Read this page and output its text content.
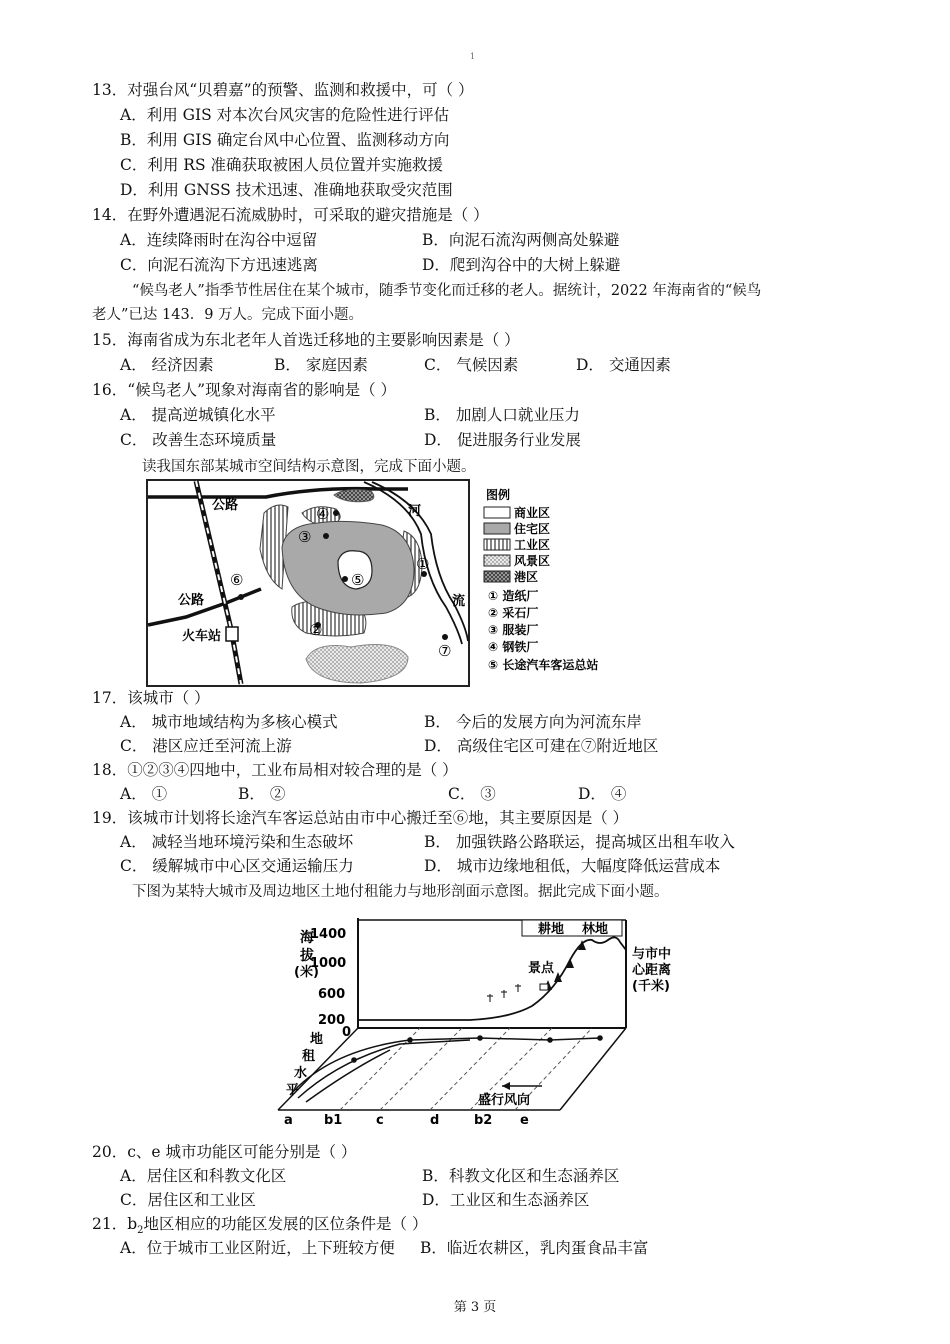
1
13．对强台风“贝碧嘉”的预警、监测和救援中，可（ ）
A．利用 GIS 对本次台风灾害的危险性进行评估
B．利用 GIS 确定台风中心位置、监测移动方向
C．利用 RS 准确获取被困人员位置并实施救援
D．利用 GNSS 技术迅速、准确地获取受灾范围
14．在野外遭遇泥石流威胁时，可采取的避灾措施是（ ）
A．连续降雨时在沟谷中逗留	B．向泥石流沟两侧高处躲避
C．向泥石流沟下方迅速逃离	D．爬到沟谷中的大树上躲避
“候鸟老人”指季节性居住在某个城市，随季节变化而迁移的老人。据统计，2022 年海南省的“候鸟
老人”已达 143．9 万人。完成下面小题。
15．海南省成为东北老年人首选迁移地的主要影响因素是（ ）
A． 经济因素	B． 家庭因素	C． 气候因素	D． 交通因素
16．“候鸟老人”现象对海南省的影响是（ ）
A． 提高逆城镇化水平	B． 加剧人口就业压力
C． 改善生态环境质量	D． 促进服务行业发展
读我国东部某城市空间结构示意图，完成下面小题。
①
②
③
④
⑤
⑥
⑦
公路
公路
火车站
河
流
图例
商业区
住宅区
工业区
风景区
港区
① 造纸厂
② 采石厂
③ 服装厂
④ 钢铁厂
⑤ 长途汽车客运总站
17．该城市（ ）
A． 城市地域结构为多核心模式	B． 今后的发展方向为河流东岸
C． 港区应迁至河流上游	D． 高级住宅区可建在⑦附近地区
18．①②③④四地中，工业布局相对较合理的是（ ）
A． ①	B． ②	C． ③	D． ④
19．该城市计划将长途汽车客运总站由市中心搬迁至⑥地，其主要原因是（ ）
A． 减轻当地环境污染和生态破坏	B． 加强铁路公路联运，提高城区出租车收入
C． 缓解城市中心区交通运输压力	D． 城市边缘地租低，大幅度降低运营成本
下图为某特大城市及周边地区土地付租能力与地形剖面示意图。据此完成下面小题。
1400
1000
600
200
0
海
拔
(米)
耕地 林地
景点
与市中
心距离
(千米)
地
租
水
平
盛行风向
a b1	c	d	b2 e
20．c、e 城市功能区可能分别是（ ）
A．居住区和科教文化区	B．科教文化区和生态涵养区
C．居住区和工业区	D．工业区和生态涵养区
21．$b_2$地区相应的功能区发展的区位条件是（ ）
A．位于城市工业区附近，上下班较方便 B．临近农耕区，乳肉蛋食品丰富
第 3 页
